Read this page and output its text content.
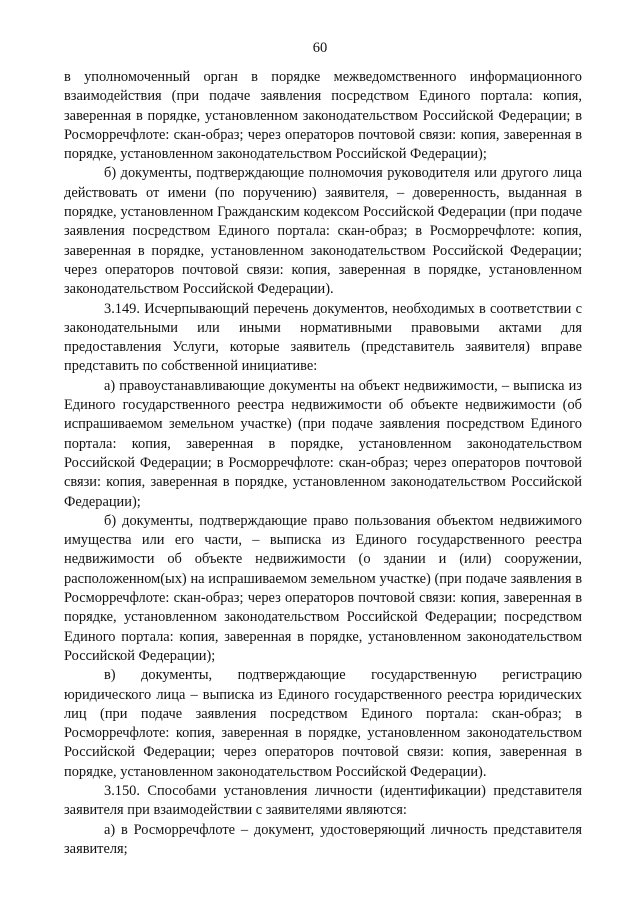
60

в уполномоченный орган в порядке межведомственного информационного взаимодействия (при подаче заявления посредством Единого портала: копия, заверенная в порядке, установленном законодательством Российской Федерации; в Росморречфлоте: скан-образ; через операторов почтовой связи: копия, заверенная в порядке, установленном законодательством Российской Федерации);

б) документы, подтверждающие полномочия руководителя или другого лица действовать от имени (по поручению) заявителя, – доверенность, выданная в порядке, установленном Гражданским кодексом Российской Федерации (при подаче заявления посредством Единого портала: скан-образ; в Росморречфлоте: копия, заверенная в порядке, установленном законодательством Российской Федерации; через операторов почтовой связи: копия, заверенная в порядке, установленном законодательством Российской Федерации).

3.149. Исчерпывающий перечень документов, необходимых в соответствии с законодательными или иными нормативными правовыми актами для предоставления Услуги, которые заявитель (представитель заявителя) вправе представить по собственной инициативе:

а) правоустанавливающие документы на объект недвижимости, – выписка из Единого государственного реестра недвижимости об объекте недвижимости (об испрашиваемом земельном участке) (при подаче заявления посредством Единого портала: копия, заверенная в порядке, установленном законодательством Российской Федерации; в Росморречфлоте: скан-образ; через операторов почтовой связи: копия, заверенная в порядке, установленном законодательством Российской Федерации);

б) документы, подтверждающие право пользования объектом недвижимого имущества или его части, – выписка из Единого государственного реестра недвижимости об объекте недвижимости (о здании и (или) сооружении, расположенном(ых) на испрашиваемом земельном участке) (при подаче заявления в Росморречфлоте: скан-образ; через операторов почтовой связи: копия, заверенная в порядке, установленном законодательством Российской Федерации; посредством Единого портала: копия, заверенная в порядке, установленном законодательством Российской Федерации);

в) документы, подтверждающие государственную регистрацию юридического лица – выписка из Единого государственного реестра юридических лиц (при подаче заявления посредством Единого портала: скан-образ; в Росморречфлоте: копия, заверенная в порядке, установленном законодательством Российской Федерации; через операторов почтовой связи: копия, заверенная в порядке, установленном законодательством Российской Федерации).

3.150. Способами установления личности (идентификации) представителя заявителя при взаимодействии с заявителями являются:

а) в Росморречфлоте – документ, удостоверяющий личность представителя заявителя;
